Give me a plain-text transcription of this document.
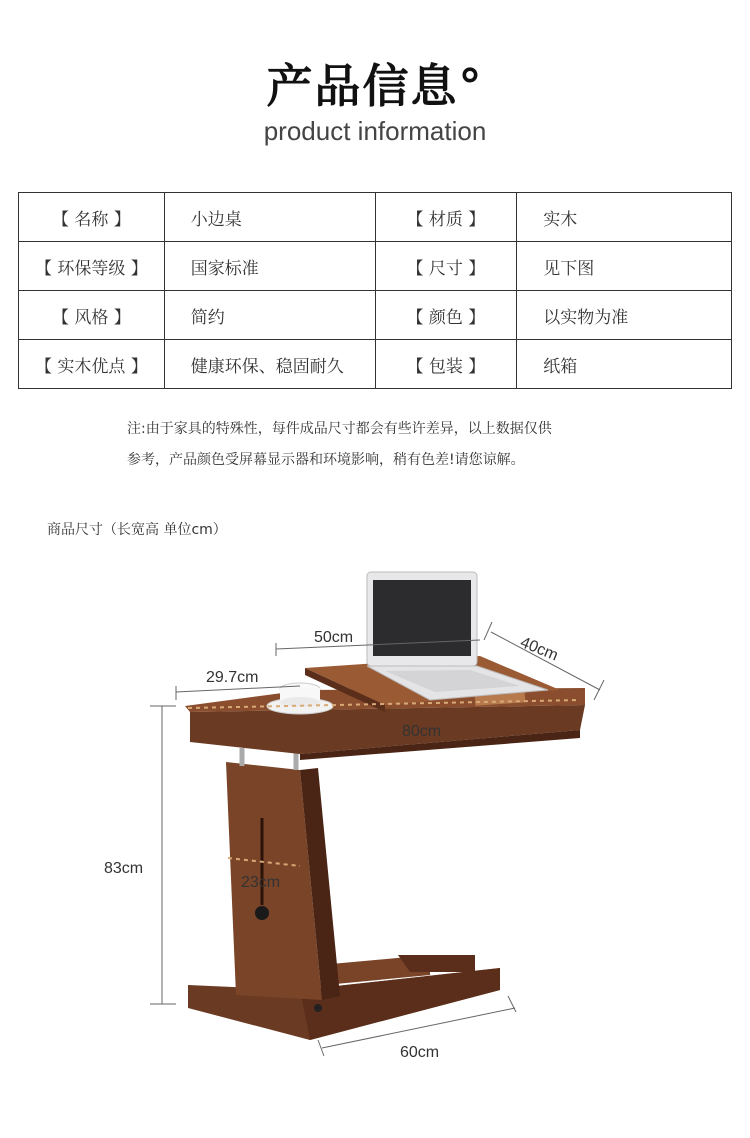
产品信息°
product information
【 名称 】	小边桌	【 材质 】	实木
【 环保等级 】	国家标准	【 尺寸 】	见下图
【 风格 】	简约	【 颜色 】	以实物为准
【 实木优点 】	健康环保、稳固耐久	【 包装 】	纸箱
注:由于家具的特殊性，每件成品尺寸都会有些许差异，以上数据仅供
参考，产品颜色受屏幕显示器和环境影响，稍有色差!请您谅解。
商品尺寸（长宽高 单位cm）
29.7cm
50cm	40cm
80cm
83cm
23cm
60cm
